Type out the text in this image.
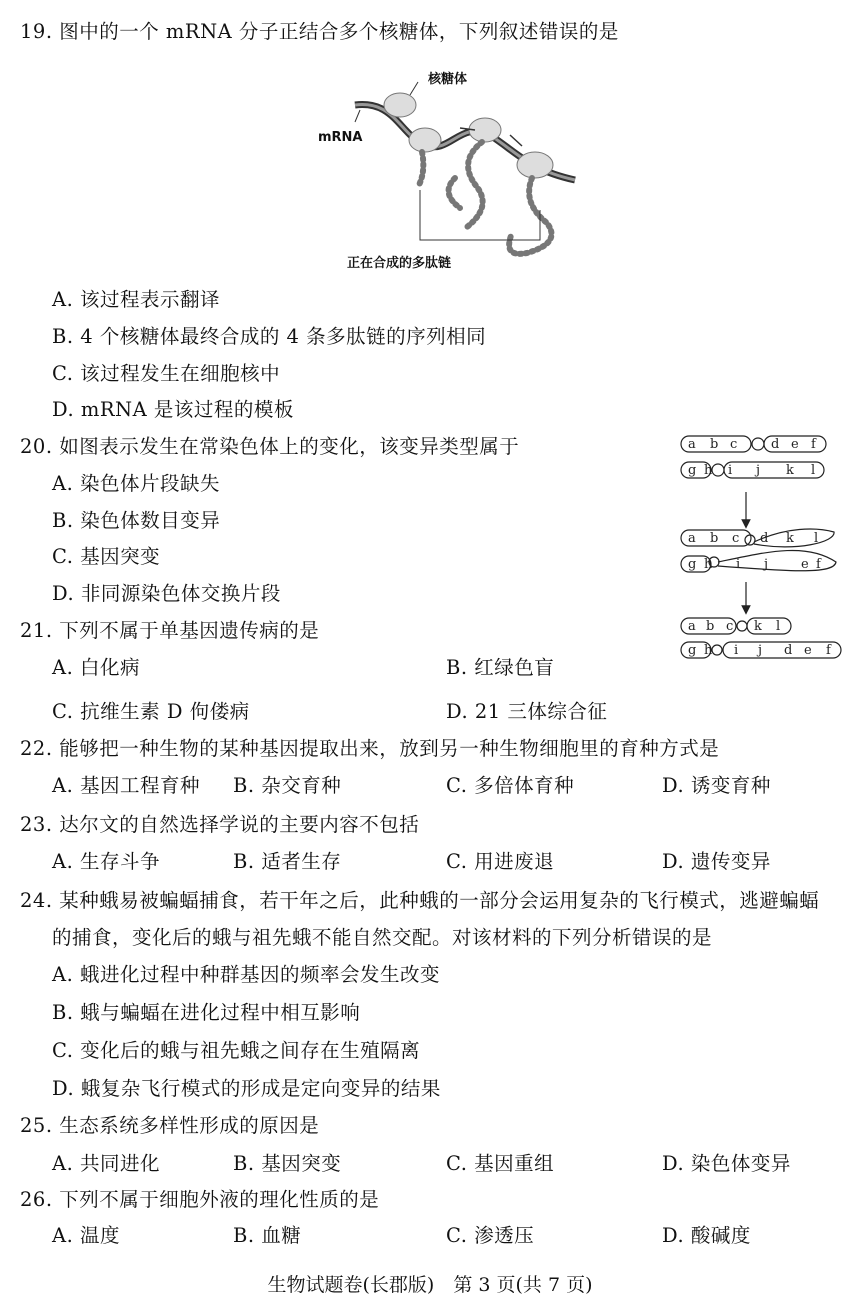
19. 图中的一个 mRNA 分子正结合多个核糖体，下列叙述错误的是
核糖体
mRNA
正在合成的多肽链
A. 该过程表示翻译
B. 4 个核糖体最终合成的 4 条多肽链的序列相同
C. 该过程发生在细胞核中
D. mRNA 是该过程的模板
20. 如图表示发生在常染色体上的变化，该变异类型属于
A. 染色体片段缺失
B. 染色体数目变异
C. 基因突变
D. 非同源染色体交换片段
a b c	d e f
g h i j k l
a b c d k l
g h i j	e f
a b c k l
g h i j d e f
21. 下列不属于单基因遗传病的是
A. 白化病	B. 红绿色盲
C. 抗维生素 D 佝偻病	D. 21 三体综合征
22. 能够把一种生物的某种基因提取出来，放到另一种生物细胞里的育种方式是
A. 基因工程育种 B. 杂交育种	C. 多倍体育种	D. 诱变育种
23. 达尔文的自然选择学说的主要内容不包括
A. 生存斗争	B. 适者生存	C. 用进废退	D. 遗传变异
24. 某种蛾易被蝙蝠捕食，若干年之后，此种蛾的一部分会运用复杂的飞行模式，逃避蝙蝠
的捕食，变化后的蛾与祖先蛾不能自然交配。对该材料的下列分析错误的是
A. 蛾进化过程中种群基因的频率会发生改变
B. 蛾与蝙蝠在进化过程中相互影响
C. 变化后的蛾与祖先蛾之间存在生殖隔离
D. 蛾复杂飞行模式的形成是定向变异的结果
25. 生态系统多样性形成的原因是
A. 共同进化	B. 基因突变	C. 基因重组	D. 染色体变异
26. 下列不属于细胞外液的理化性质的是
A. 温度	B. 血糖	C. 渗透压	D. 酸碱度
生物试题卷(长郡版)　第 3 页(共 7 页)
